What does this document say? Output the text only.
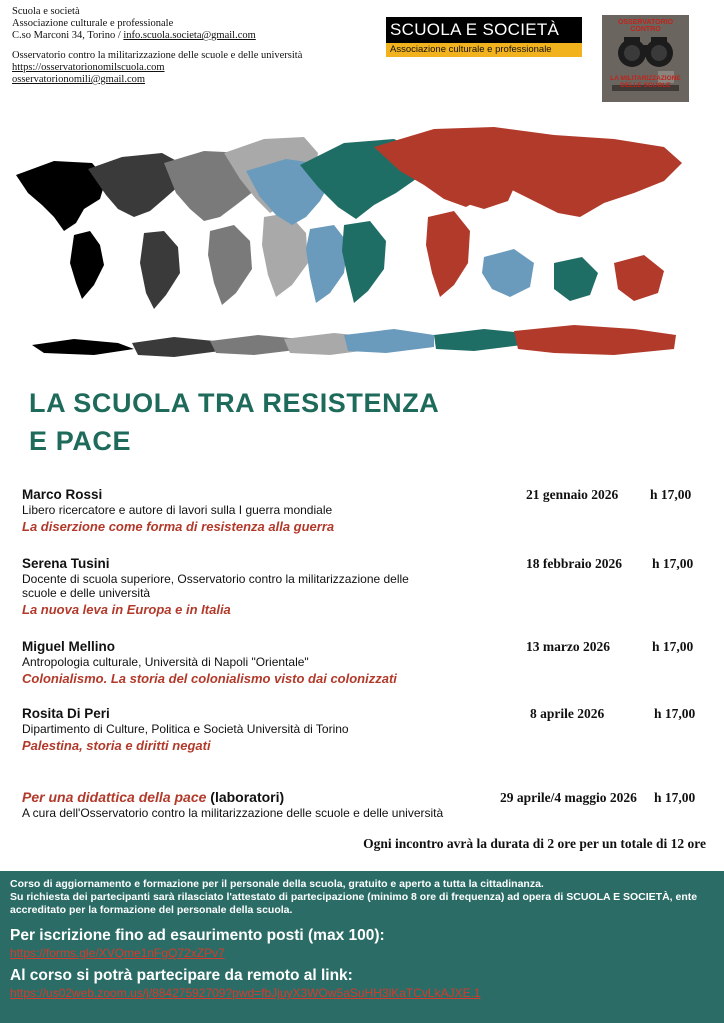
Scuola e società
Associazione culturale e professionale
C.so Marconi 34, Torino / info.scuola.societa@gmail.com
Osservatorio contro la militarizzazione delle scuole e delle università
https://osservatorionomilscuola.com
osservatorionomili@gmail.com
SCUOLA E SOCIETÀ
Associazione culturale e professionale
OSSERVATORIO CONTRO
LA MILITARIZZAZIONE DELLE SCUOLE
LA SCUOLA TRA RESISTENZA
E PACE
Marco Rossi
Libero ricercatore e autore di lavori sulla I guerra mondiale
La diserzione come forma di resistenza alla guerra
21 gennaio 2026 h 17,00
Serena Tusini
Docente di scuola superiore, Osservatorio contro la militarizzazione delle scuole e delle università
La nuova leva in Europa e in Italia
18 febbraio 2026 h 17,00
Miguel Mellino
Antropologia culturale, Università di Napoli "Orientale"
Colonialismo. La storia del colonialismo visto dai colonizzati
13 marzo 2026	h 17,00
Rosita Di Peri
Dipartimento di Culture, Politica e Società Università di Torino
Palestina, storia e diritti negati
8 aprile 2026	h 17,00
Per una didattica della pace (laboratori)
A cura dell'Osservatorio contro la militarizzazione delle scuole e delle università
29 aprile/4 maggio 2026 h 17,00
Ogni incontro avrà la durata di 2 ore per un totale di 12 ore
Corso di aggiornamento e formazione per il personale della scuola, gratuito e aperto a tutta la cittadinanza.
Su richiesta dei partecipanti sarà rilasciato l'attestato di partecipazione (minimo 8 ore di frequenza) ad opera di SCUOLA E SOCIETÀ, ente accreditato per la formazione del personale della scuola.
Per iscrizione fino ad esaurimento posti (max 100):
https://forms.gle/XVQme1nFgQ72xZPv7
Al corso si potrà partecipare da remoto al link:
https://us02web.zoom.us/j/88427592709?pwd=fbJjuyX3WOw5aSuHH3lKaTCvLkAJXE.1
